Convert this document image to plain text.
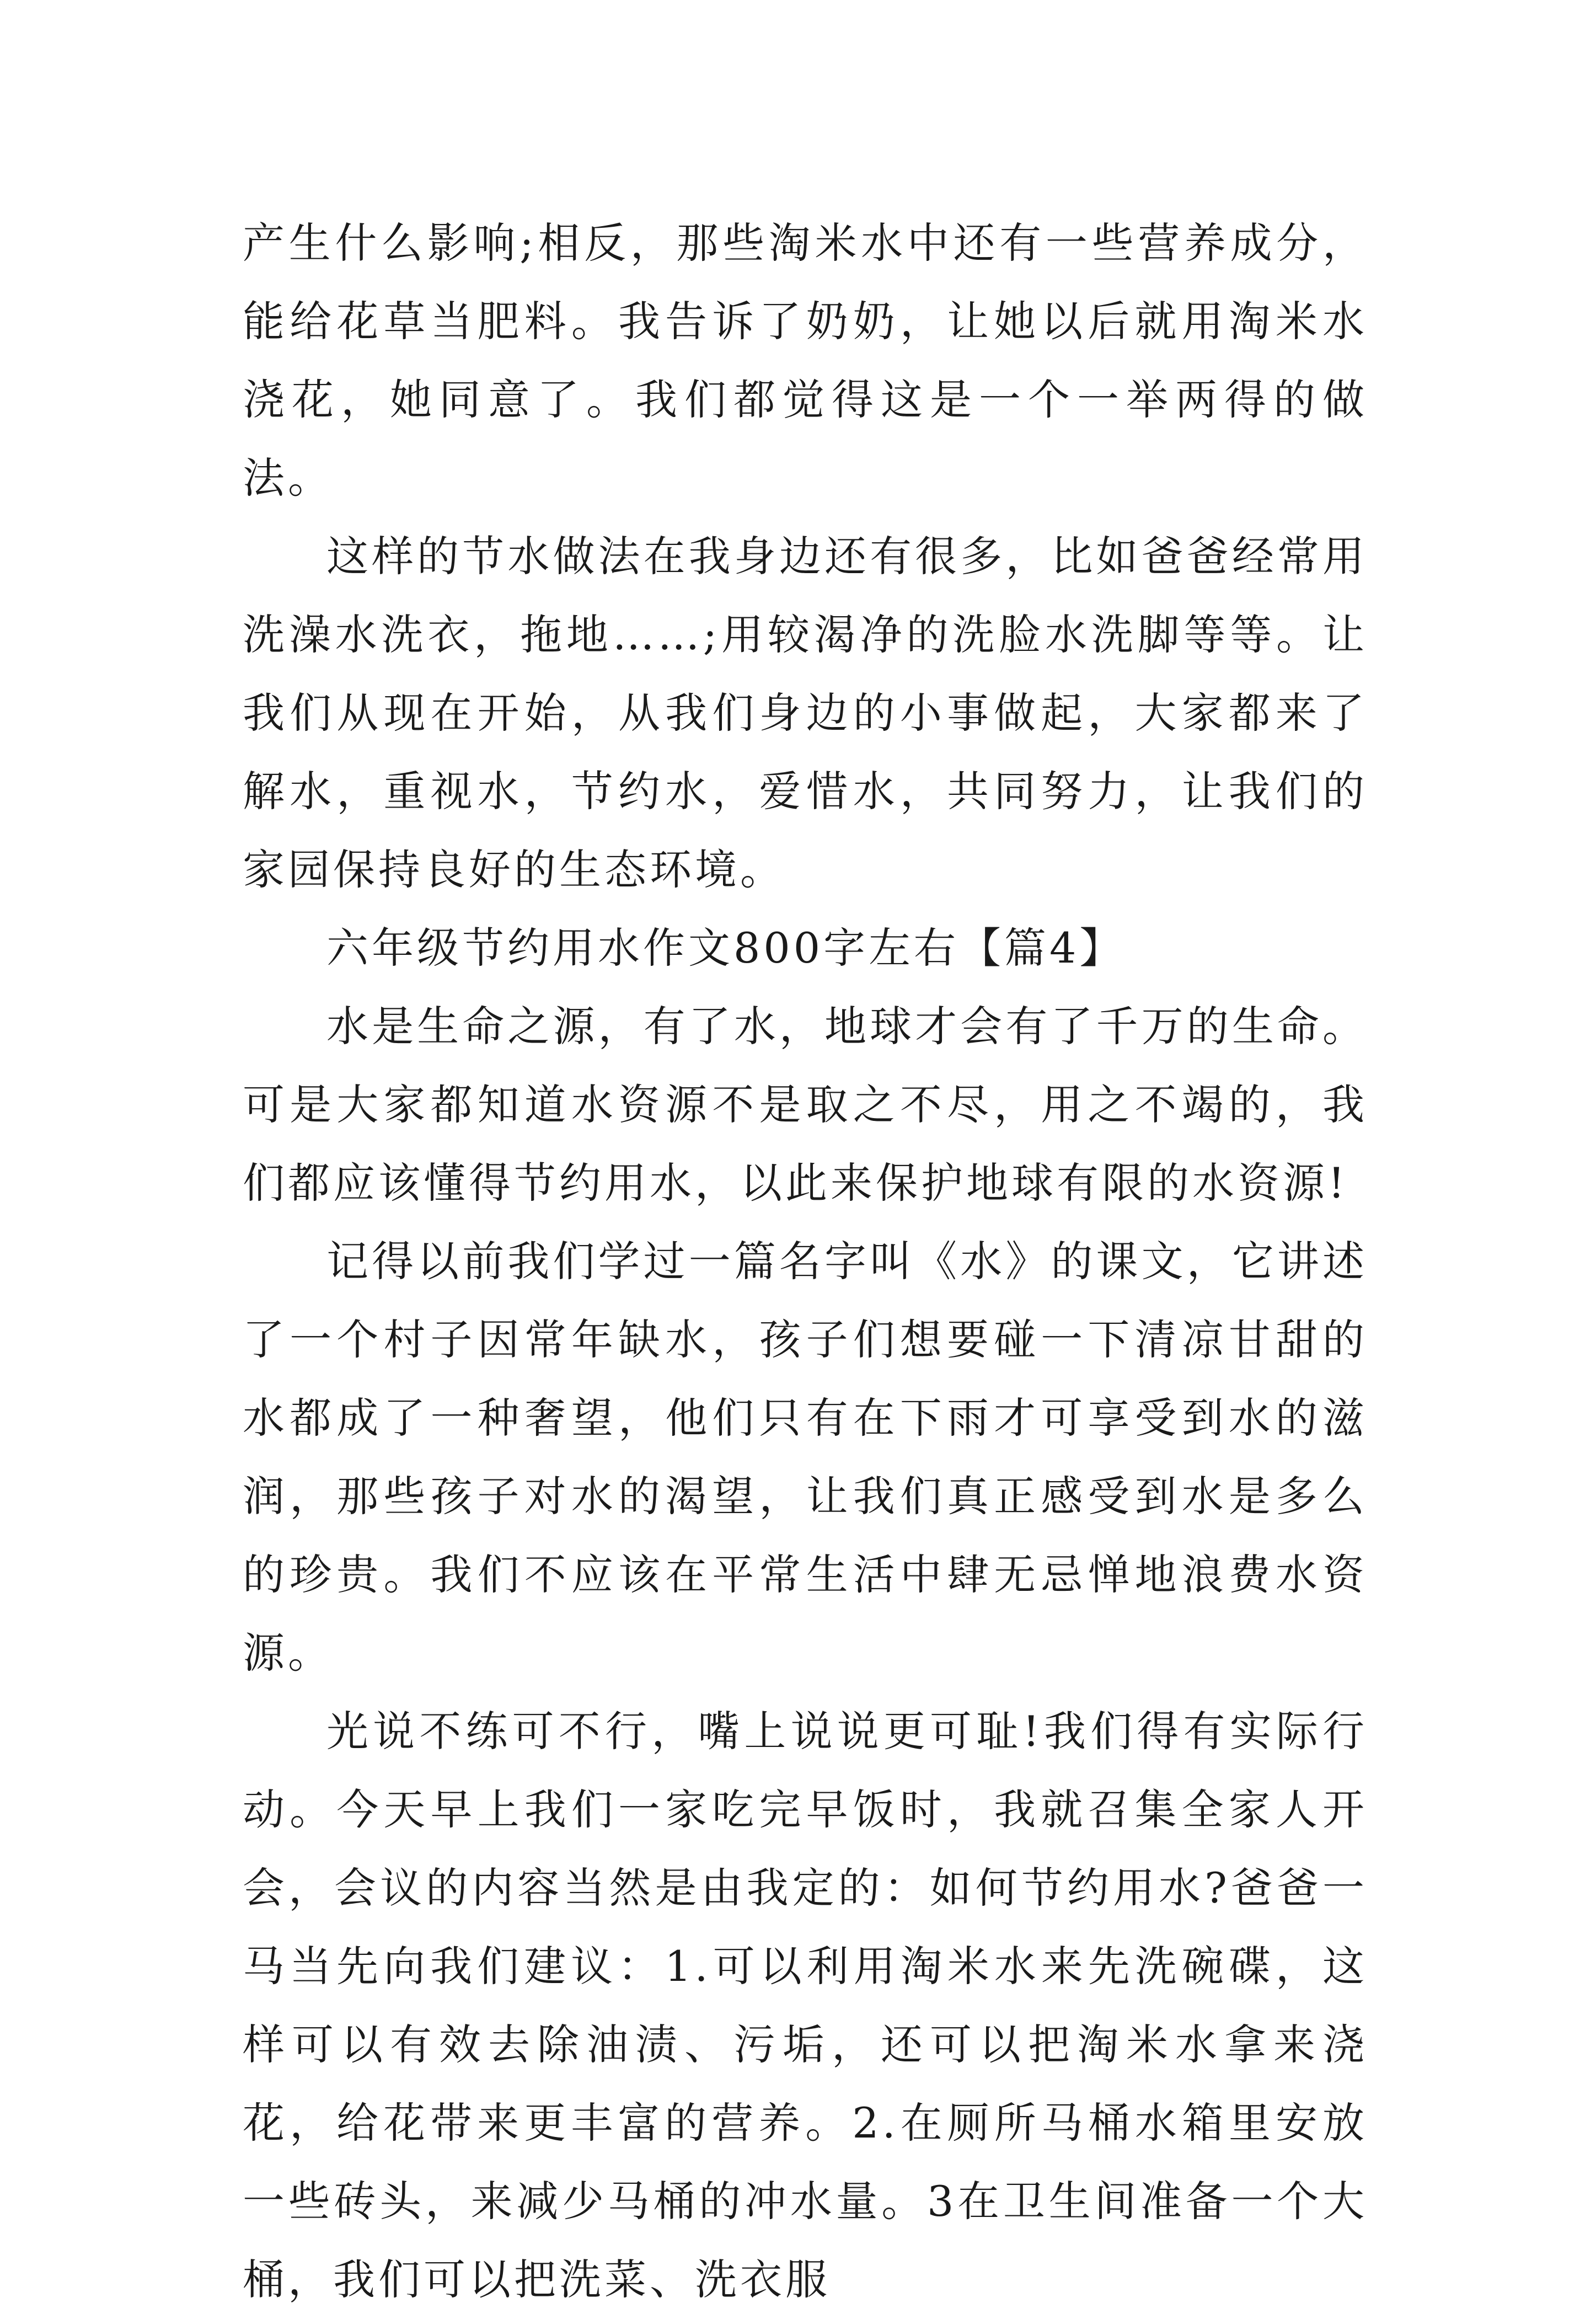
产生什么影响;相反，那些淘米水中还有一些营养成分，能给花草当肥料。我告诉了奶奶，让她以后就用淘米水浇花，她同意了。我们都觉得这是一个一举两得的做法。

这样的节水做法在我身边还有很多，比如爸爸经常用洗澡水洗衣，拖地……;用较渴净的洗脸水洗脚等等。让我们从现在开始，从我们身边的小事做起，大家都来了解水，重视水，节约水，爱惜水，共同努力，让我们的家园保持良好的生态环境。

六年级节约用水作文800字左右【篇4】

水是生命之源，有了水，地球才会有了千万的生命。可是大家都知道水资源不是取之不尽，用之不竭的，我们都应该懂得节约用水，以此来保护地球有限的水资源!

记得以前我们学过一篇名字叫《水》的课文，它讲述了一个村子因常年缺水，孩子们想要碰一下清凉甘甜的水都成了一种奢望，他们只有在下雨才可享受到水的滋润，那些孩子对水的渴望，让我们真正感受到水是多么的珍贵。我们不应该在平常生活中肆无忌惮地浪费水资源。

光说不练可不行，嘴上说说更可耻!我们得有实际行动。今天早上我们一家吃完早饭时，我就召集全家人开会，会议的内容当然是由我定的：如何节约用水?爸爸一马当先向我们建议：1.可以利用淘米水来先洗碗碟，这样可以有效去除油渍、污垢，还可以把淘米水拿来浇花，给花带来更丰富的营养。2.在厕所马桶水箱里安放一些砖头，来减少马桶的冲水量。3在卫生间准备一个大桶，我们可以把洗菜、洗衣服
